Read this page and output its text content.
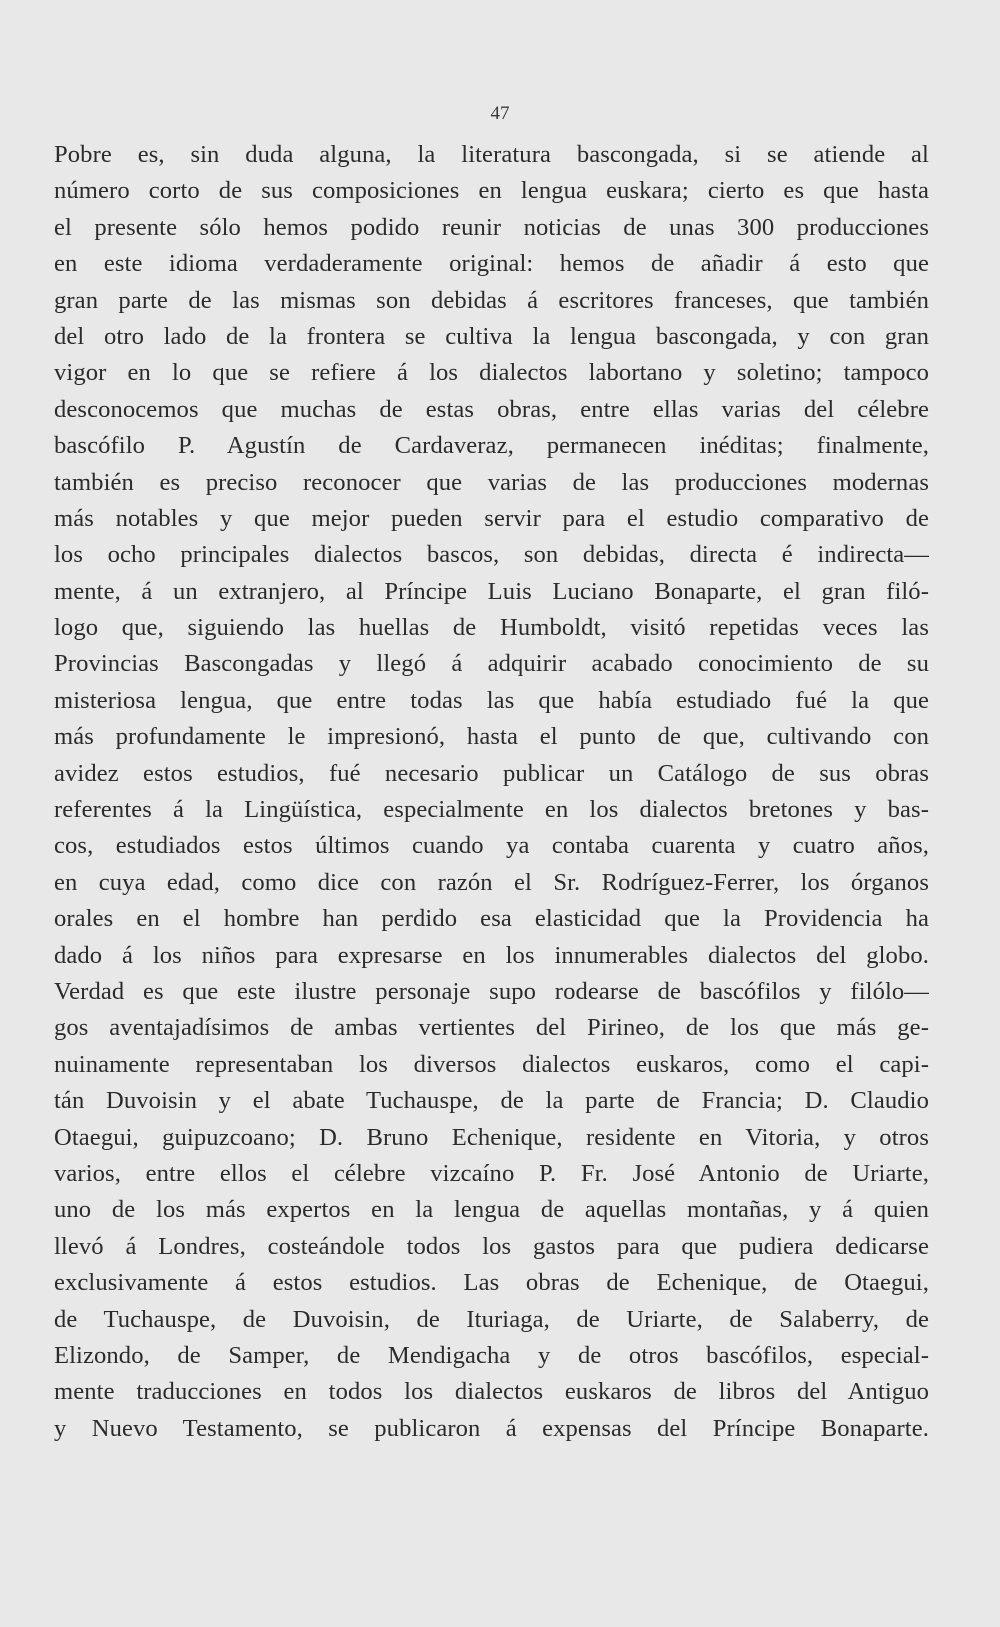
47
Pobre es, sin duda alguna, la literatura bascongada, si se atiende al
número corto de sus composiciones en lengua euskara; cierto es que hasta
el presente sólo hemos podido reunir noticias de unas 300 producciones
en este idioma verdaderamente original: hemos de añadir á esto que
gran parte de las mismas son debidas á escritores franceses, que también
del otro lado de la frontera se cultiva la lengua bascongada, y con gran
vigor en lo que se refiere á los dialectos labortano y soletino; tampoco
desconocemos que muchas de estas obras, entre ellas varias del célebre
bascófilo P. Agustín de Cardaveraz, permanecen inéditas; finalmente,
también es preciso reconocer que varias de las producciones modernas
más notables y que mejor pueden servir para el estudio comparativo de
los ocho principales dialectos bascos, son debidas, directa é indirecta—
mente, á un extranjero, al Príncipe Luis Luciano Bonaparte, el gran filó-
logo que, siguiendo las huellas de Humboldt, visitó repetidas veces las
Provincias Bascongadas y llegó á adquirir acabado conocimiento de su
misteriosa lengua, que entre todas las que había estudiado fué la que
más profundamente le impresionó, hasta el punto de que, cultivando con
avidez estos estudios, fué necesario publicar un Catálogo de sus obras
referentes á la Lingüística, especialmente en los dialectos bretones y bas-
cos, estudiados estos últimos cuando ya contaba cuarenta y cuatro años,
en cuya edad, como dice con razón el Sr. Rodríguez-Ferrer, los órganos
orales en el hombre han perdido esa elasticidad que la Providencia ha
dado á los niños para expresarse en los innumerables dialectos del globo.
Verdad es que este ilustre personaje supo rodearse de bascófilos y filólo—
gos aventajadísimos de ambas vertientes del Pirineo, de los que más ge-
nuinamente representaban los diversos dialectos euskaros, como el capi-
tán Duvoisin y el abate Tuchauspe, de la parte de Francia; D. Claudio
Otaegui, guipuzcoano; D. Bruno Echenique, residente en Vitoria, y otros
varios, entre ellos el célebre vizcaíno P. Fr. José Antonio de Uriarte,
uno de los más expertos en la lengua de aquellas montañas, y á quien
llevó á Londres, costeándole todos los gastos para que pudiera dedicarse
exclusivamente á estos estudios. Las obras de Echenique, de Otaegui,
de Tuchauspe, de Duvoisin, de Ituriaga, de Uriarte, de Salaberry, de
Elizondo, de Samper, de Mendigacha y de otros bascófilos, especial-
mente traducciones en todos los dialectos euskaros de libros del Antiguo
y Nuevo Testamento, se publicaron á expensas del Príncipe Bonaparte.
